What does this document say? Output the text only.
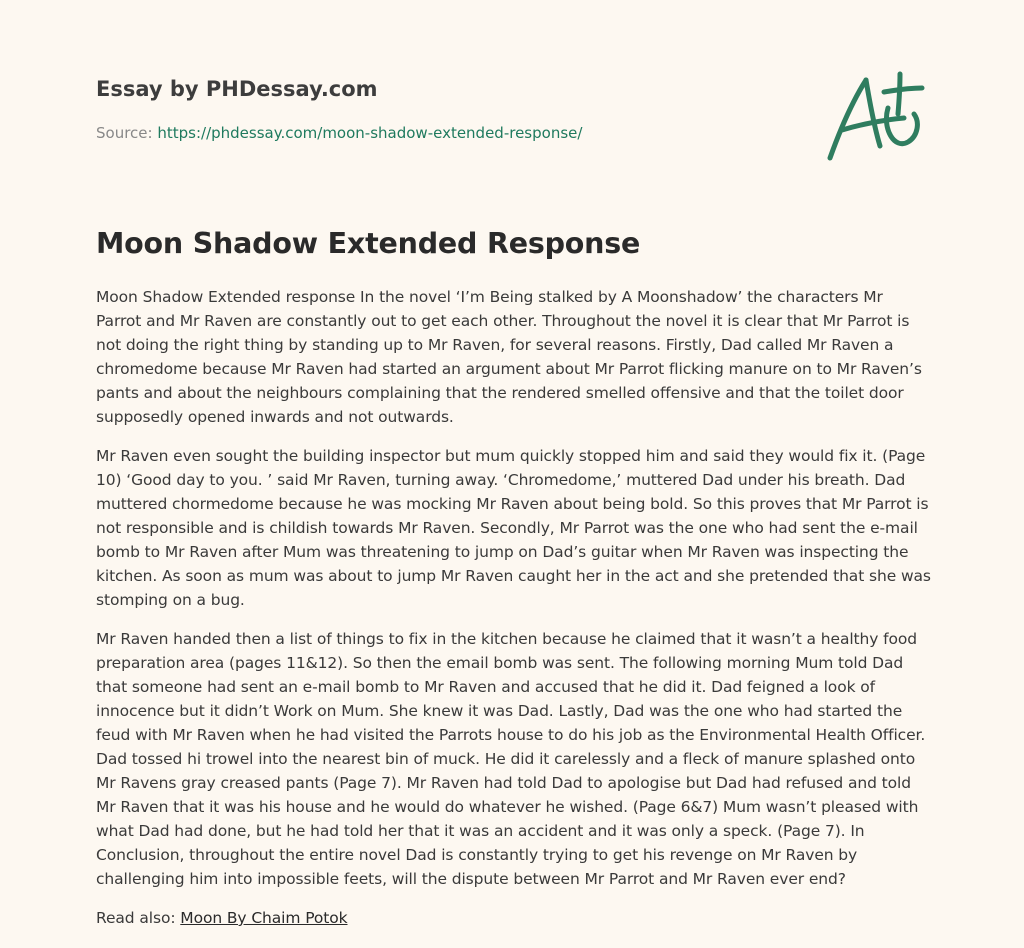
Essay by PHDessay.com
Source: https://phdessay.com/moon-shadow-extended-response/
Moon Shadow Extended Response

Moon Shadow Extended response In the novel ‘I’m Being stalked by A Moonshadow’ the characters Mr Parrot and Mr Raven are constantly out to get each other. Throughout the novel it is clear that Mr Parrot is not doing the right thing by standing up to Mr Raven, for several reasons. Firstly, Dad called Mr Raven a chromedome because Mr Raven had started an argument about Mr Parrot flicking manure on to Mr Raven’s pants and about the neighbours complaining that the rendered smelled offensive and that the toilet door supposedly opened inwards and not outwards.

Mr Raven even sought the building inspector but mum quickly stopped him and said they would fix it. (Page 10) ‘Good day to you. ’ said Mr Raven, turning away. ‘Chromedome,’ muttered Dad under his breath. Dad muttered chormedome because he was mocking Mr Raven about being bold. So this proves that Mr Parrot is not responsible and is childish towards Mr Raven. Secondly, Mr Parrot was the one who had sent the e-mail bomb to Mr Raven after Mum was threatening to jump on Dad’s guitar when Mr Raven was inspecting the kitchen. As soon as mum was about to jump Mr Raven caught her in the act and she pretended that she was stomping on a bug.

Mr Raven handed then a list of things to fix in the kitchen because he claimed that it wasn’t a healthy food preparation area (pages 11&12). So then the email bomb was sent. The following morning Mum told Dad that someone had sent an e-mail bomb to Mr Raven and accused that he did it. Dad feigned a look of innocence but it didn’t Work on Mum. She knew it was Dad. Lastly, Dad was the one who had started the feud with Mr Raven when he had visited the Parrots house to do his job as the Environmental Health Officer. Dad tossed hi trowel into the nearest bin of muck. He did it carelessly and a fleck of manure splashed onto Mr Ravens gray creased pants (Page 7). Mr Raven had told Dad to apologise but Dad had refused and told Mr Raven that it was his house and he would do whatever he wished. (Page 6&7) Mum wasn’t pleased with what Dad had done, but he had told her that it was an accident and it was only a speck. (Page 7). In Conclusion, throughout the entire novel Dad is constantly trying to get his revenge on Mr Raven by challenging him into impossible feets, will the dispute between Mr Parrot and Mr Raven ever end?

Read also: Moon By Chaim Potok
